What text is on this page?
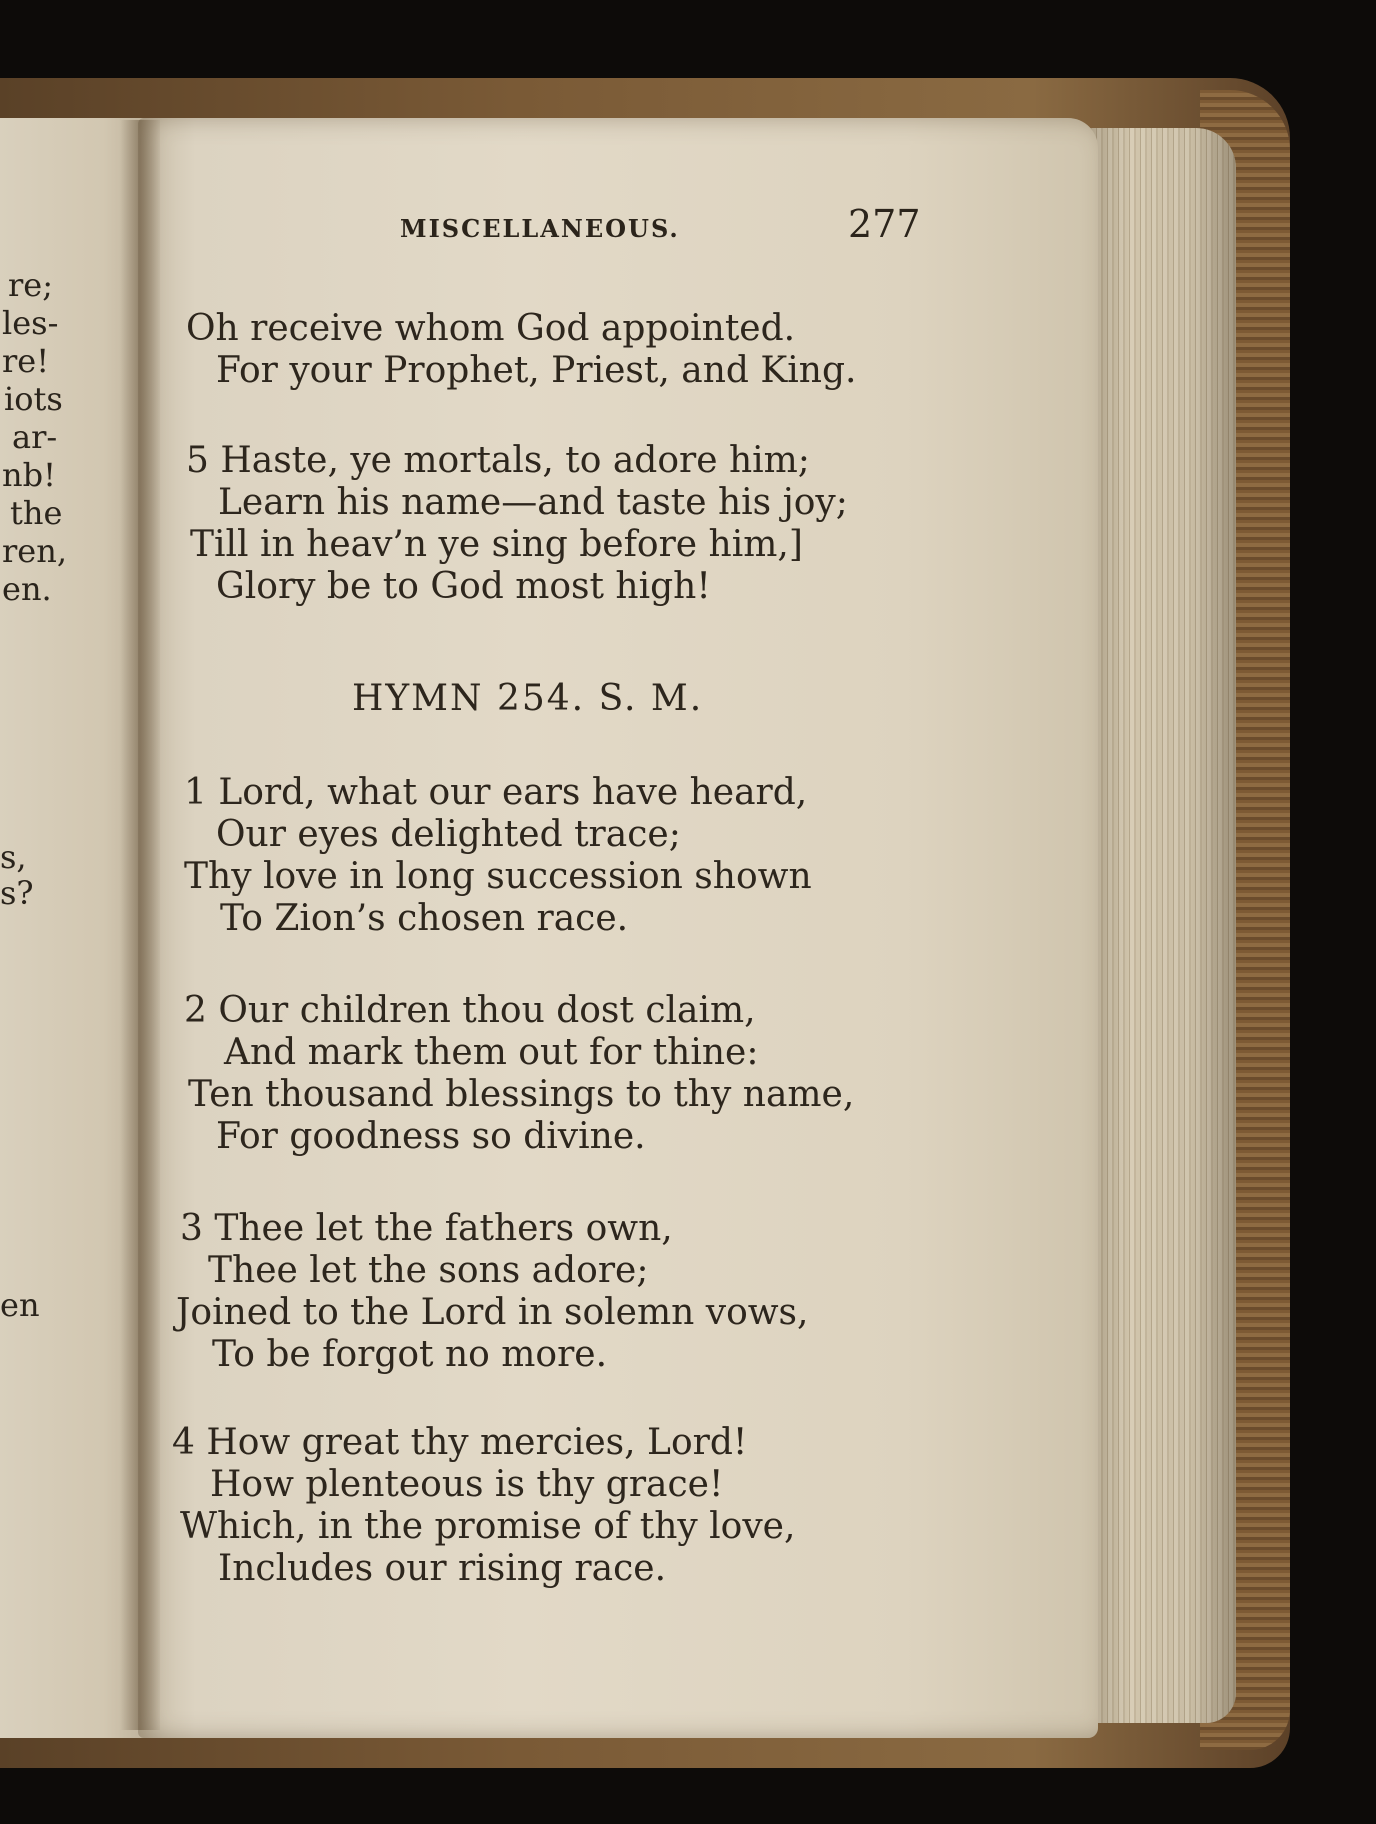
re;

les-

re!

iots

ar-

nb!

the

ren,

en.

s,

s?

en

MISCELLANEOUS.	277

Oh receive whom God appointed.

For your Prophet, Priest, and King.

5 Haste, ye mortals, to adore him;

Learn his name—and taste his joy;

Till in heav’n ye sing before him,]

Glory be to God most high!

HYMN 254. S. M.

1 Lord, what our ears have heard,

Our eyes delighted trace;

Thy love in long succession shown

To Zion’s chosen race.

2 Our children thou dost claim,

And mark them out for thine:

Ten thousand blessings to thy name,

For goodness so divine.

3 Thee let the fathers own,

Thee let the sons adore;

Joined to the Lord in solemn vows,

To be forgot no more.

4 How great thy mercies, Lord!

How plenteous is thy grace!

Which, in the promise of thy love,

Includes our rising race.
